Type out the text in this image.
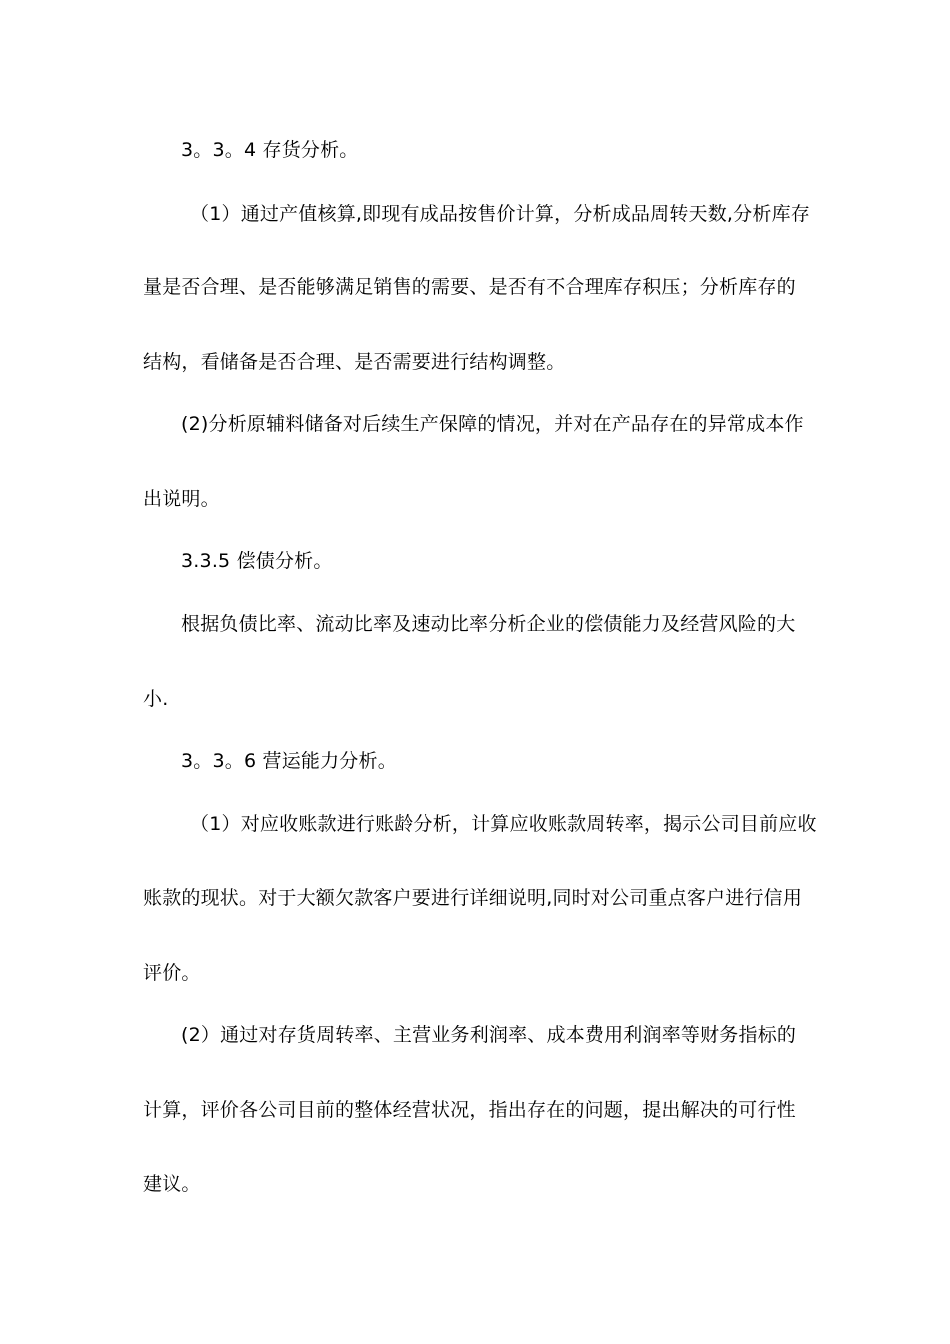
3。3。4 存货分析。
（1）通过产值核算,即现有成品按售价计算，分析成品周转天数,分析库存
量是否合理、是否能够满足销售的需要、是否有不合理库存积压；分析库存的
结构，看储备是否合理、是否需要进行结构调整。
(2)分析原辅料储备对后续生产保障的情况，并对在产品存在的异常成本作
出说明。
3.3.5 偿债分析。
根据负债比率、流动比率及速动比率分析企业的偿债能力及经营风险的大
小.
3。3。6 营运能力分析。
（1）对应收账款进行账龄分析，计算应收账款周转率，揭示公司目前应收
账款的现状。对于大额欠款客户要进行详细说明,同时对公司重点客户进行信用
评价。
(2）通过对存货周转率、主营业务利润率、成本费用利润率等财务指标的
计算，评价各公司目前的整体经营状况，指出存在的问题，提出解决的可行性
建议。
